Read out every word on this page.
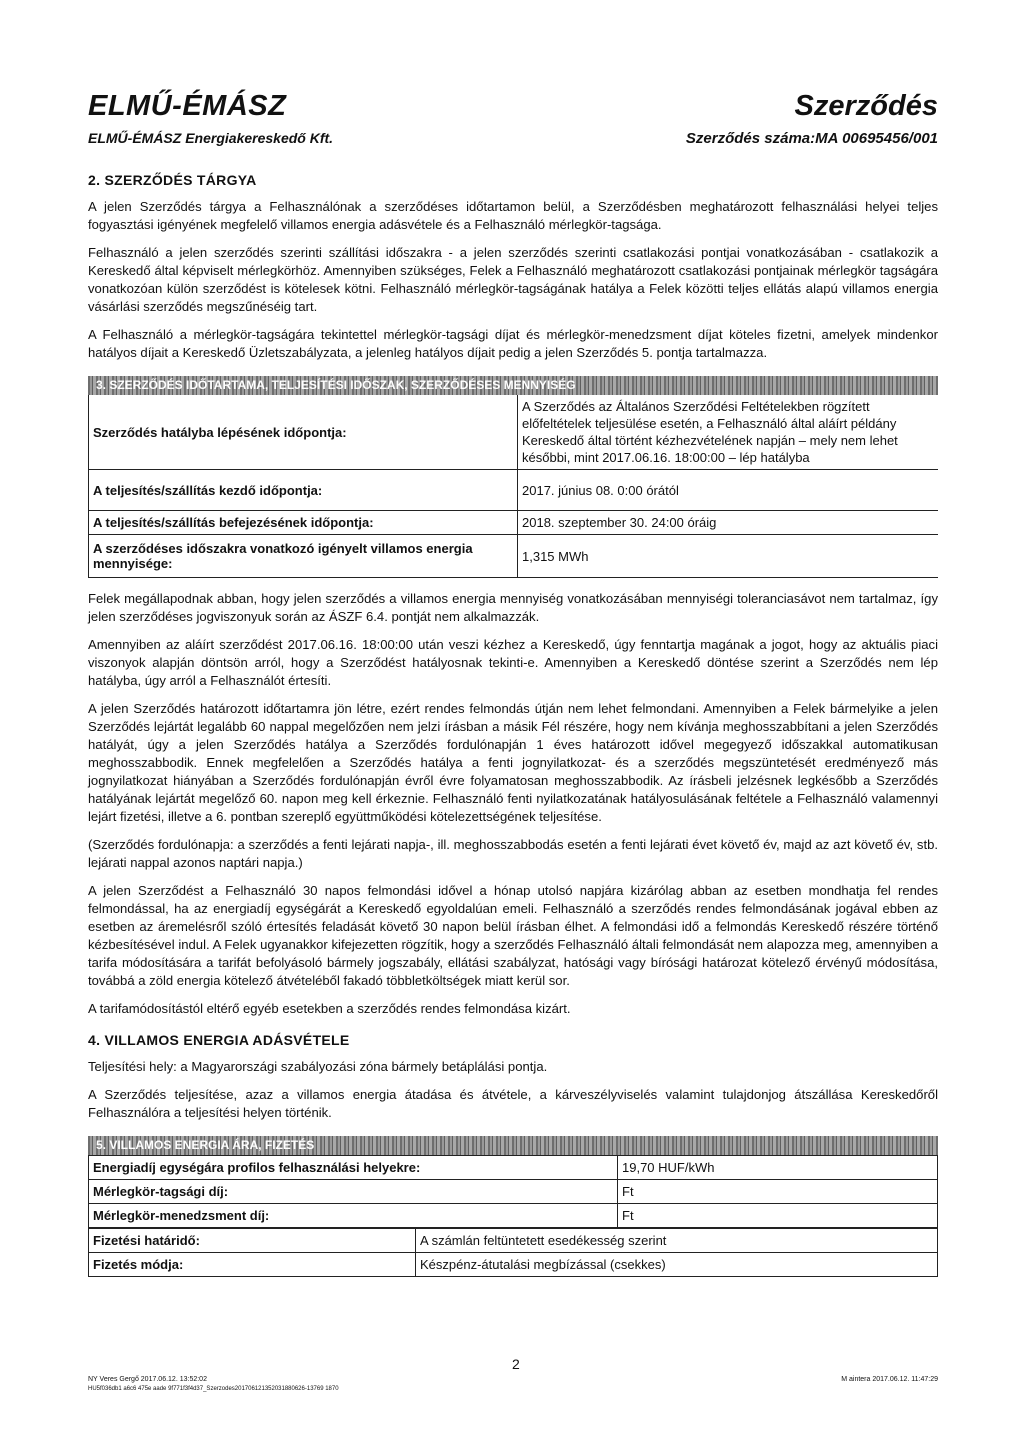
ELMŰ-ÉMÁSZ
ELMŰ-ÉMÁSZ Energiakereskedő Kft.
Szerződés
Szerződés száma:MA 00695456/001
2. SZERZŐDÉS TÁRGYA

A jelen Szerződés tárgya a Felhasználónak a szerződéses időtartamon belül, a Szerződésben meghatározott felhasználási helyei teljes fogyasztási igényének megfelelő villamos energia adásvétele és a Felhasználó mérlegkör-tagsága.

Felhasználó a jelen szerződés szerinti szállítási időszakra - a jelen szerződés szerinti csatlakozási pontjai vonatkozásában - csatlakozik a Kereskedő által képviselt mérlegkörhöz. Amennyiben szükséges, Felek a Felhasználó meghatározott csatlakozási pontjainak mérlegkör tagságára vonatkozóan külön szerződést is kötelesek kötni. Felhasználó mérlegkör-tagságának hatálya a Felek közötti teljes ellátás alapú villamos energia vásárlási szerződés megszűnéséig tart.

A Felhasználó a mérlegkör-tagságára tekintettel mérlegkör-tagsági díjat és mérlegkör-menedzsment díjat köteles fizetni, amelyek mindenkor hatályos díjait a Kereskedő Üzletszabályzata, a jelenleg hatályos díjait pedig a jelen Szerződés 5. pontja tartalmazza.

3. SZERZŐDÉS IDŐTARTAMA, TELJESÍTÉSI IDŐSZAK, SZERZŐDÉSES MENNYISÉG
Szerződés hatályba lépésének időpontja:	A Szerződés az Általános Szerződési Feltételekben rögzített előfeltételek teljesülése esetén, a Felhasználó által aláírt példány Kereskedő által történt kézhezvételének napján – mely nem lehet későbbi, mint 2017.06.16. 18:00:00 – lép hatályba
A teljesítés/szállítás kezdő időpontja:	2017. június 08. 0:00 órától
A teljesítés/szállítás befejezésének időpontja:	2018. szeptember 30. 24:00 óráig
A szerződéses időszakra vonatkozó igényelt villamos energia mennyisége:	1,315 MWh

Felek megállapodnak abban, hogy jelen szerződés a villamos energia mennyiség vonatkozásában mennyiségi toleranciasávot nem tartalmaz, így jelen szerződéses jogviszonyuk során az ÁSZF 6.4. pontját nem alkalmazzák.

Amennyiben az aláírt szerződést 2017.06.16. 18:00:00 után veszi kézhez a Kereskedő, úgy fenntartja magának a jogot, hogy az aktuális piaci viszonyok alapján döntsön arról, hogy a Szerződést hatályosnak tekinti-e. Amennyiben a Kereskedő döntése szerint a Szerződés nem lép hatályba, úgy arról a Felhasználót értesíti.

A jelen Szerződés határozott időtartamra jön létre, ezért rendes felmondás útján nem lehet felmondani. Amennyiben a Felek bármelyike a jelen Szerződés lejártát legalább 60 nappal megelőzően nem jelzi írásban a másik Fél részére, hogy nem kívánja meghosszabbítani a jelen Szerződés hatályát, úgy a jelen Szerződés hatálya a Szerződés fordulónapján 1 éves határozott idővel megegyező időszakkal automatikusan meghosszabbodik. Ennek megfelelően a Szerződés hatálya a fenti jognyilatkozat- és a szerződés megszüntetését eredményező más jognyilatkozat hiányában a Szerződés fordulónapján évről évre folyamatosan meghosszabbodik. Az írásbeli jelzésnek legkésőbb a Szerződés hatályának lejártát megelőző 60. napon meg kell érkeznie. Felhasználó fenti nyilatkozatának hatályosulásának feltétele a Felhasználó valamennyi lejárt fizetési, illetve a 6. pontban szereplő együttműködési kötelezettségének teljesítése.

(Szerződés fordulónapja: a szerződés a fenti lejárati napja-, ill. meghosszabbodás esetén a fenti lejárati évet követő év, majd az azt követő év, stb. lejárati nappal azonos naptári napja.)

A jelen Szerződést a Felhasználó 30 napos felmondási idővel a hónap utolsó napjára kizárólag abban az esetben mondhatja fel rendes felmondással, ha az energiadíj egységárát a Kereskedő egyoldalúan emeli. Felhasználó a szerződés rendes felmondásának jogával ebben az esetben az áremelésről szóló értesítés feladását követő 30 napon belül írásban élhet. A felmondási idő a felmondás Kereskedő részére történő kézbesítésével indul. A Felek ugyanakkor kifejezetten rögzítik, hogy a szerződés Felhasználó általi felmondását nem alapozza meg, amennyiben a tarifa módosítására a tarifát befolyásoló bármely jogszabály, ellátási szabályzat, hatósági vagy bírósági határozat kötelező érvényű módosítása, továbbá a zöld energia kötelező átvételéből fakadó többletköltségek miatt kerül sor.

A tarifamódosítástól eltérő egyéb esetekben a szerződés rendes felmondása kizárt.

4. VILLAMOS ENERGIA ADÁSVÉTELE

Teljesítési hely: a Magyarországi szabályozási zóna bármely betáplálási pontja.

A Szerződés teljesítése, azaz a villamos energia átadása és átvétele, a kárveszélyviselés valamint tulajdonjog átszállása Kereskedőről Felhasználóra a teljesítési helyen történik.

5. VILLAMOS ENERGIA ÁRA, FIZETÉS
Energiadíj egységára profilos felhasználási helyekre:	19,70 HUF/kWh
Mérlegkör-tagsági díj:	Ft
Mérlegkör-menedzsment díj:	Ft
Fizetési határidő:	A számlán feltüntetett esedékesség szerint
Fizetés módja:	Készpénz-átutalási megbízással (csekkes)
2
NY Veres Gergő 2017.06.12. 13:52:02
HU5f036db1 a6c6 475e aade 9f771f3f4d37_Szerzodes201706121352031880626-13769 1870
M aintera 2017.06.12. 11:47:29
